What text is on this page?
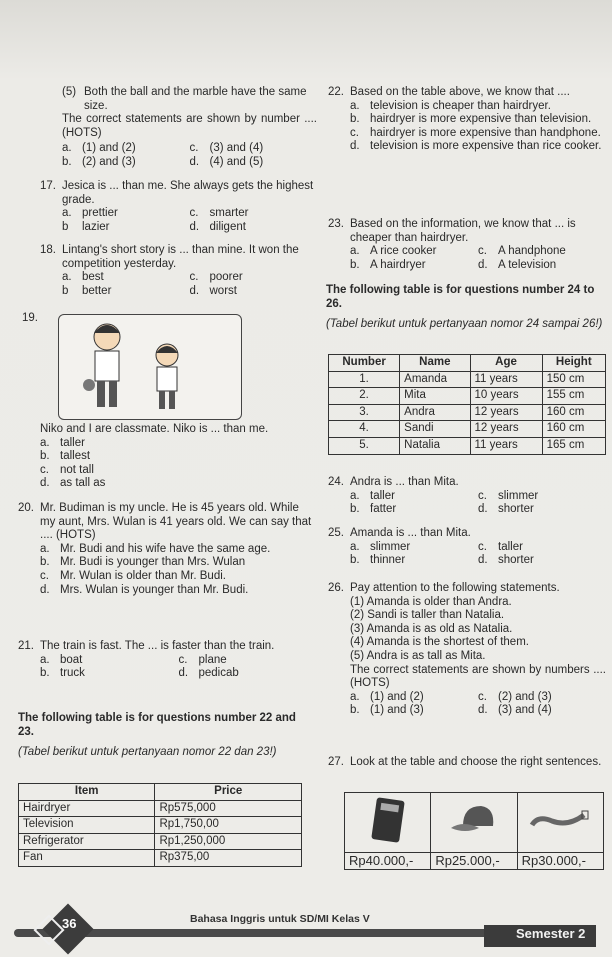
(5) Both the ball and the marble have the same size.
The correct statements are shown by number .... (HOTS)
a. (1) and (2)	c. (3) and (4)
b. (2) and (3)	d. (4) and (5)
17. Jesica is ... than me. She always gets the highest grade.
a. prettier	c. smarter
b lazier	d. diligent
18. Lintang's short story is ... than mine. It won the competition yesterday.
a. best	c. poorer
b better	d. worst
19.
Niko and I are classmate. Niko is ... than me.
a. taller
b. tallest
c. not tall
d. as tall as
20. Mr. Budiman is my uncle. He is 45 years old. While my aunt, Mrs. Wulan is 41 years old. We can say that .... (HOTS)
a. Mr. Budi and his wife have the same age.
b. Mr. Budi is younger than Mrs. Wulan
c. Mr. Wulan is older than Mr. Budi.
d. Mrs. Wulan is younger than Mr. Budi.
21. The train is fast. The ... is faster than the train.
a. boat	c. plane
b. truck	d. pedicab
The following table is for questions number 22 and 23.
(Tabel berikut untuk pertanyaan nomor 22 dan 23!)
Item	Price
Hairdryer	Rp575,000
Television	Rp1,750,00
Refrigerator	Rp1,250,000
Fan	Rp375,00
22. Based on the table above, we know that ....
a. television is cheaper than hairdryer.
b. hairdryer is more expensive than television.
c. hairdryer is more expensive than handphone.
d. television is more expensive than rice cooker.
23. Based on the information, we know that ... is cheaper than hairdryer.
a. A rice cooker	c. A handphone
b. A hairdryer	d. A television
The following table is for questions number 24 to 26.
(Tabel berikut untuk pertanyaan nomor 24 sampai 26!)
Number	Name	Age	Height
1.	Amanda	11 years	150 cm
2.	Mita	10 years	155 cm
3.	Andra	12 years	160 cm
4.	Sandi	12 years	160 cm
5.	Natalia	11 years	165 cm
24. Andra is ... than Mita.
a. taller	c. slimmer
b. fatter	d. shorter
25. Amanda is ... than Mita.
a. slimmer	c. taller
b. thinner	d. shorter
26. Pay attention to the following statements.
(1) Amanda is older than Andra.
(2) Sandi is taller than Natalia.
(3) Amanda is as old as Natalia.
(4) Amanda is the shortest of them.
(5) Andra is as tall as Mita.
The correct statements are shown by numbers .... (HOTS)
a. (1) and (2)	c. (2) and (3)
b. (1) and (3)	d. (3) and (4)
27. Look at the table and choose the right sentences.

Rp40.000,-	Rp25.000,-	Rp30.000,-
36	Bahasa Inggris untuk SD/MI Kelas V
Semester 2
